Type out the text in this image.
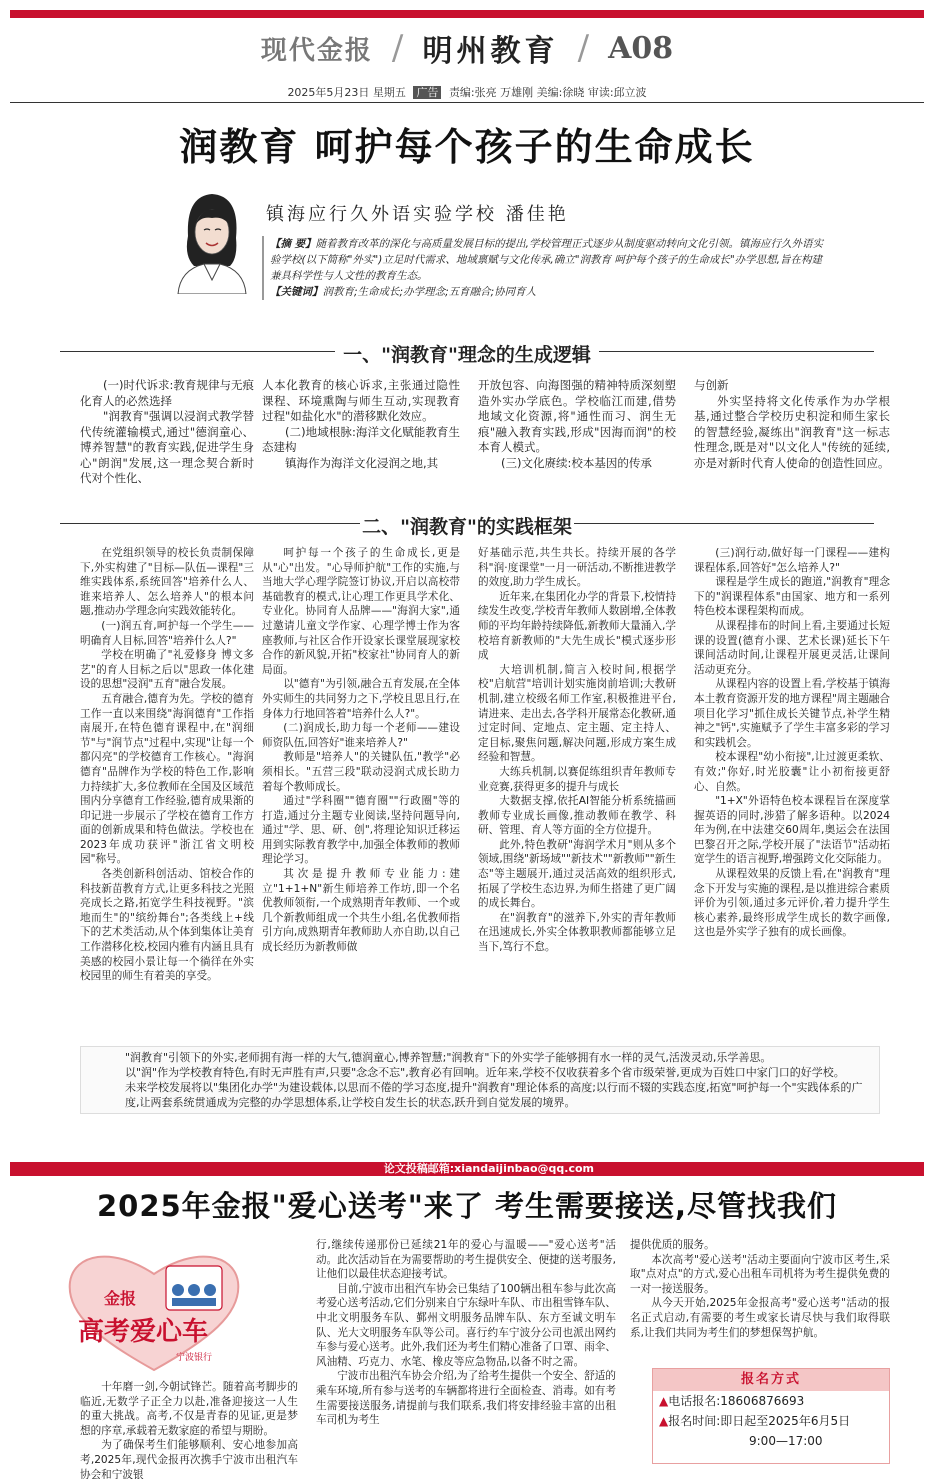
现代金报 / 明州教育 / A08
2025年5月23日 星期五 广告 责编:张亮 万雄刚 美编:徐晓 审读:邱立波
润教育 呵护每个孩子的生命成长
镇海应行久外语实验学校 潘佳艳
【摘 要】随着教育改革的深化与高质量发展目标的提出,学校管理正式逐步从制度驱动转向文化引领。镇海应行久外语实验学校(以下简称"外实")立足时代需求、地域禀赋与文化传承,确立"润教育 呵护每个孩子的生命成长"办学思想,旨在构建兼具科学性与人文性的教育生态。
【关键词】润教育;生命成长;办学理念;五育融合;协同育人
一、"润教育"理念的生成逻辑

(一)时代诉求:教育规律与无痕化育人的必然选择

"润教育"强调以浸润式教学替代传统灌输模式,通过"德润童心、博养智慧"的教育实践,促进学生身心"朗润"发展,这一理念契合新时代对个性化、

人本化教育的核心诉求,主张通过隐性课程、环境熏陶与师生互动,实现教育过程"如盐化水"的潜移默化效应。

(二)地域根脉:海洋文化赋能教育生态建构

镇海作为海洋文化浸润之地,其

开放包容、向海图强的精神特质深刻塑造外实办学底色。学校临江而建,借势地域文化资源,将"通性而习、润生无痕"融入教育实践,形成"因海而润"的校本育人模式。

(三)文化赓续:校本基因的传承

与创新

外实坚持将文化传承作为办学根基,通过整合学校历史积淀和师生家长的智慧经验,凝练出"润教育"这一标志性理念,既是对"以文化人"传统的延续,亦是对新时代育人使命的创造性回应。

二、"润教育"的实践框架

在党组织领导的校长负责制保障下,外实构建了"目标—队伍—课程"三维实践体系,系统回答"培养什么人、谁来培养人、怎么培养人"的根本问题,推动办学理念向实践效能转化。

(一)润五育,呵护每一个学生——明确育人目标,回答"培养什么人?"

学校在明确了"礼爱修身 博文多艺"的育人目标之后以"思政一体化建设的思想"浸润"五育"融合发展。

五育融合,德育为先。学校的德育工作一直以来围绕"海润德育"工作指南展开,在特色德育课程中,在"润细节"与"润节点"过程中,实现"让每一个都闪亮"的学校德育工作核心。"海润德育"品牌作为学校的特色工作,影响力持续扩大,多位教师在全国及区域范围内分享德育工作经验,德育成果渐的印记进一步展示了学校在德育工作方面的创新成果和特色做法。学校也在2023年成功获评"浙江省文明校园"称号。

各类创新科创活动、馆校合作的科技新苗教育方式,让更多科技之光照亮成长之路,拓宽学生科技视野。"滨地而生"的"缤纷舞台";各类线上+线下的艺术类活动,从个体到集体让美育工作潜移化校,校园内雅有内涵且具有美感的校园小景让每一个徜徉在外实校园里的师生有着美的享受。

呵护每一个孩子的生命成长,更是从"心"出发。"心导师护航"工作的实施,与当地大学心理学院签订协议,开启以高校带基础教育的模式,让心理工作更具学术化、专业化。协同育人品牌——"海润大家",通过邀请儿童文学作家、心理学博士作为客座教师,与社区合作开设家长课堂展现家校合作的新风貌,开拓"校家社"协同育人的新局面。

以"德育"为引领,融合五育发展,在全体外实师生的共同努力之下,学校且思且行,在身体力行地回答着"培养什么人?"。

(二)润成长,助力每一个老师——建设师资队伍,回答好"谁来培养人?"

教师是"培养人"的关键队伍,"教学"必须相长。"五营三段"联动浸润式成长助力着每个教师成长。

通过"学科圈""德育圈""行政圈"等的打造,通过分主题专业阅读,坚持问题导向,通过"学、思、研、创",将理论知识迁移运用到实际教育教学中,加强全体教师的教师理论学习。

其次是提升教师专业能力:建立"1+1+N"新生师培养工作坊,即一个名优教师领衔,一个成熟期青年教师、一个或几个新教师组成一个共生小组,名优教师指引方向,成熟期青年教师助人亦自助,以自己成长经历为新教师做

好基础示范,共生共长。持续开展的各学科"润·度课堂"一月一研活动,不断推进教学的效度,助力学生成长。

近年来,在集团化办学的背景下,校情持续发生改变,学校青年教师人数剧增,全体教师的平均年龄持续降低,新教师大量涌入,学校培育新教师的"大先生成长"模式逐步形成

大培训机制,简言入校时间,根据学校"启航营"培训计划实施岗前培训;大教研机制,建立校级名师工作室,积极推进平台,请进来、走出去,各学科开展常态化教研,通过定时间、定地点、定主题、定主持人、定目标,聚焦问题,解决问题,形成方案生成经验和智慧。

大练兵机制,以赛促练组织青年教师专业竞赛,获得更多的提升与成长

大数据支撑,依托AI智能分析系统描画教师专业成长画像,推动教师在教学、科研、管理、育人等方面的全方位提升。

此外,特色教研"海润学术月"则从多个领域,围绕"新场域""新技术""新教师""新生态"等主题展开,通过灵活高效的组织形式,拓展了学校生态边界,为师生搭建了更广阔的成长舞台。

在"润教育"的滋养下,外实的青年教师在迅速成长,外实全体教职教师都能够立足当下,笃行不怠。

(三)润行动,做好每一门课程——建构课程体系,回答好"怎么培养人?"

课程是学生成长的跑道,"润教育"理念下的"润课程体系"由国家、地方和一系列特色校本课程架构而成。

从课程排布的时间上看,主要通过长短课的设置(德育小课、艺术长课)延长下午课间活动时间,让课程开展更灵活,让课间活动更充分。

从课程内容的设置上看,学校基于镇海本土教育资源开发的地方课程"周主题融合项目化学习"抓住成长关键节点,补学生精神之"钙",实施赋予了学生丰富多彩的学习和实践机会。

校本课程"幼小衔接",让过渡更柔软、有效;"你好,时光胶囊"让小初衔接更舒心、自然。

"1+X"外语特色校本课程旨在深度掌握英语的同时,涉猎了解多语种。以2024年为例,在中法建交60周年,奥运会在法国巴黎召开之际,学校开展了"法语节"活动拓宽学生的语言视野,增强跨文化交际能力。

从课程效果的反馈上看,在"润教育"理念下开发与实施的课程,是以推进综合素质评价为引领,通过多元评价,着力提升学生核心素养,最终形成学生成长的数字画像,这也是外实学子独有的成长画像。

"润教育"引领下的外实,老师拥有海一样的大气,德润童心,博养智慧;"润教育"下的外实学子能够拥有水一样的灵气,活泼灵动,乐学善思。

以"润"作为学校教育特色,有时无声胜有声,只要"念念不忘",教育必有回响。近年来,学校不仅收获着多个省市级荣誉,更成为百姓口中家门口的好学校。

未来学校发展将以"集团化办学"为建设载体,以思而不倦的学习态度,提升"润教育"理论体系的高度;以行而不辍的实践态度,拓宽"呵护每一个"实践体系的广度,让两套系统贯通成为完整的办学思想体系,让学校自发生长的状态,跃升到自觉发展的境界。

论文投稿邮箱:xiandaijinbao@qq.com
2025年金报"爱心送考"来了 考生需要接送,尽管找我们
金报
高考爱心车
宁波银行

十年磨一剑,今朝试锋芒。随着高考脚步的临近,无数学子正全力以赴,准备迎接这一人生的重大挑战。高考,不仅是青春的见证,更是梦想的序章,承载着无数家庭的希望与期盼。

为了确保考生们能够顺利、安心地参加高考,2025年,现代金报再次携手宁波市出租汽车协会和宁波银

行,继续传递那份已延续21年的爱心与温暖——"爱心送考"活动。此次活动旨在为需要帮助的考生提供安全、便捷的送考服务,让他们以最佳状态迎接考试。

目前,宁波市出租汽车协会已集结了100辆出租车参与此次高考爱心送考活动,它们分别来自宁东绿叶车队、市出租雪锋车队、中北文明服务车队、鄞州文明服务品牌车队、东方至诚文明车队、光大文明服务车队等公司。喜行约车宁波分公司也派出网约车参与爱心送考。此外,我们还为考生们精心准备了口罩、雨伞、风油精、巧克力、水笔、橡皮等应急物品,以备不时之需。

宁波市出租汽车协会介绍,为了给考生提供一个安全、舒适的乘车环境,所有参与送考的车辆都将进行全面检查、消毒。如有考生需要接送服务,请提前与我们联系,我们将安排经验丰富的出租车司机为考生

提供优质的服务。

本次高考"爱心送考"活动主要面向宁波市区考生,采取"点对点"的方式,爱心出租车司机将为考生提供免费的一对一接送服务。

从今天开始,2025年金报高考"爱心送考"活动的报名正式启动,有需要的考生或家长请尽快与我们取得联系,让我们共同为考生们的梦想保驾护航。

报名方式
▲电话报名:18606876693
▲报名时间:即日起至2025年6月5日
9:00—17:00
